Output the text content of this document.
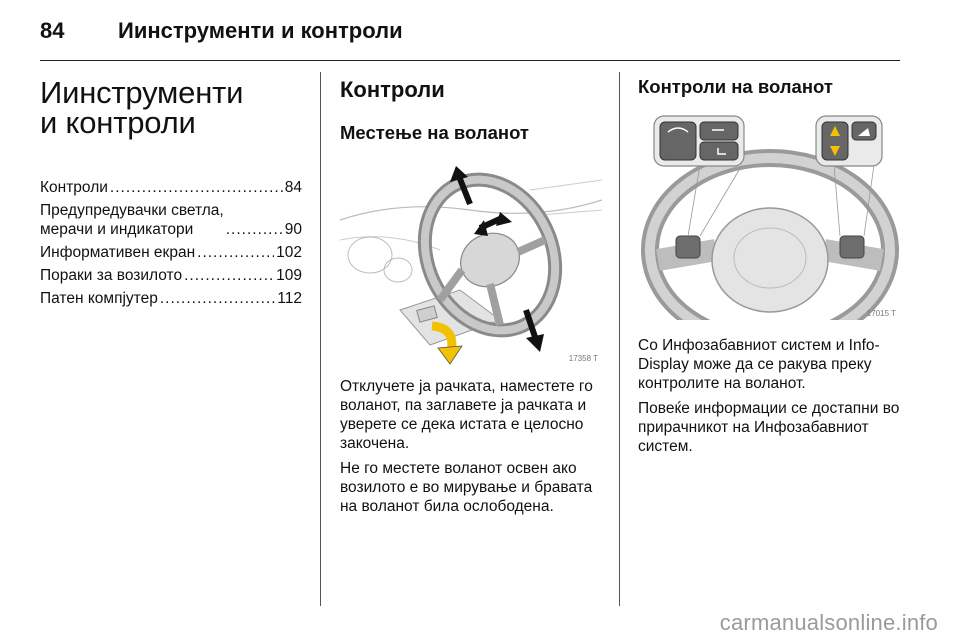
84	Иинструменти и контроли
Иинструменти
и контроли
Контроли .....	84
Предупредувачки светла,
мерачи и индикатори .....	90
Информативен екран .....	102
Пораки за возилото .....	109
Патен компјутер .....	112
Контроли
Местење на воланот
17358 T

Отклучете ја рачката, наместете го воланот, па заглавете ја рачката и уверете се дека истата е целосно закочена.

Не го местете воланот освен ако возилото е во мирување и бравата на воланот била ослободена.

Контроли на воланот
17015 T

Со Инфозабавниот систем и Info-Display може да се ракува преку контролите на воланот.

Повеќе информации се достапни во прирачникот на Инфозабавниот систем.

carmanualsonline.info
